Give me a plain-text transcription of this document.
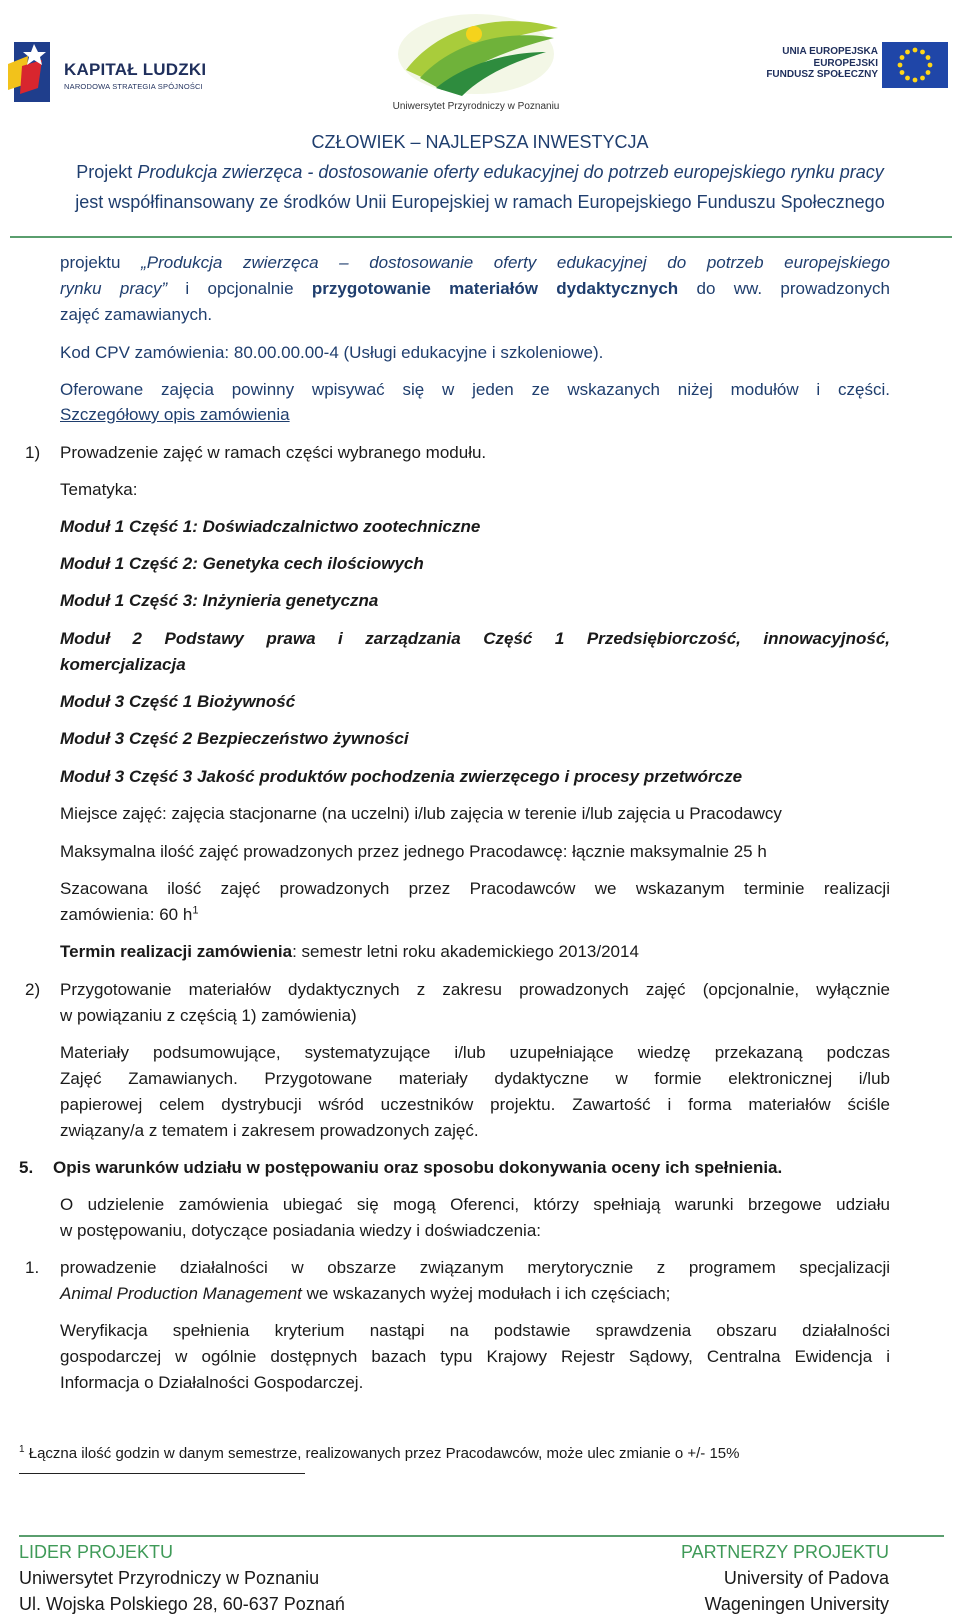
KAPITAŁ LUDZKI
NARODOWA STRATEGIA SPÓJNOŚCI
Uniwersytet Przyrodniczy w Poznaniu
UNIA EUROPEJSKA
EUROPEJSKI
FUNDUSZ SPOŁECZNY
CZŁOWIEK – NAJLEPSZA INWESTYCJA
Projekt Produkcja zwierzęca - dostosowanie oferty edukacyjnej do potrzeb europejskiego rynku pracy
jest współfinansowany ze środków Unii Europejskiej w ramach Europejskiego Funduszu Społecznego
projektu „Produkcja zwierzęca – dostosowanie oferty edukacyjnej do potrzeb europejskiego
rynku pracy” i opcjonalnie przygotowanie materiałów dydaktycznych do ww. prowadzonych
zajęć zamawianych.
Kod CPV zamówienia: 80.00.00.00-4 (Usługi edukacyjne i szkoleniowe).
Oferowane zajęcia powinny wpisywać się w jeden ze wskazanych niżej modułów i części.
Szczegółowy opis zamówienia
1) Prowadzenie zajęć w ramach części wybranego modułu.
Tematyka:
Moduł 1 Część 1: Doświadczalnictwo zootechniczne
Moduł 1 Część 2: Genetyka cech ilościowych
Moduł 1 Część 3: Inżynieria genetyczna
Moduł 2 Podstawy prawa i zarządzania Część 1 Przedsiębiorczość, innowacyjność,
komercjalizacja
Moduł 3 Część 1 Biożywność
Moduł 3 Część 2 Bezpieczeństwo żywności
Moduł 3 Część 3 Jakość produktów pochodzenia zwierzęcego i procesy przetwórcze
Miejsce zajęć: zajęcia stacjonarne (na uczelni) i/lub zajęcia w terenie i/lub zajęcia u Pracodawcy
Maksymalna ilość zajęć prowadzonych przez jednego Pracodawcę: łącznie maksymalnie 25 h
Szacowana ilość zajęć prowadzonych przez Pracodawców we wskazanym terminie realizacji
zamówienia: 60 $h^1$
Termin realizacji zamówienia: semestr letni roku akademickiego 2013/2014
2) Przygotowanie materiałów dydaktycznych z zakresu prowadzonych zajęć (opcjonalnie, wyłącznie
w powiązaniu z częścią 1) zamówienia)
Materiały podsumowujące, systematyzujące i/lub uzupełniające wiedzę przekazaną podczas
Zajęć Zamawianych. Przygotowane materiały dydaktyczne w formie elektronicznej i/lub
papierowej celem dystrybucji wśród uczestników projektu. Zawartość i forma materiałów ściśle
związany/a z tematem i zakresem prowadzonych zajęć.
5. Opis warunków udziału w postępowaniu oraz sposobu dokonywania oceny ich spełnienia.
O udzielenie zamówienia ubiegać się mogą Oferenci, którzy spełniają warunki brzegowe udziału
w postępowaniu, dotyczące posiadania wiedzy i doświadczenia:
1. prowadzenie działalności w obszarze związanym merytorycznie z programem specjalizacji
Animal Production Management we wskazanych wyżej modułach i ich częściach;
Weryfikacja spełnienia kryterium nastąpi na podstawie sprawdzenia obszaru działalności
gospodarczej w ogólnie dostępnych bazach typu Krajowy Rejestr Sądowy, Centralna Ewidencja i
Informacja o Działalności Gospodarczej.
$^1$ Łączna ilość godzin w danym semestrze, realizowanych przez Pracodawców, może ulec zmianie o +/- 15%
LIDER PROJEKTU
Uniwersytet Przyrodniczy w Poznaniu
Ul. Wojska Polskiego 28, 60-637 Poznań
PARTNERZY PROJEKTU
University of Padova
Wageningen University
